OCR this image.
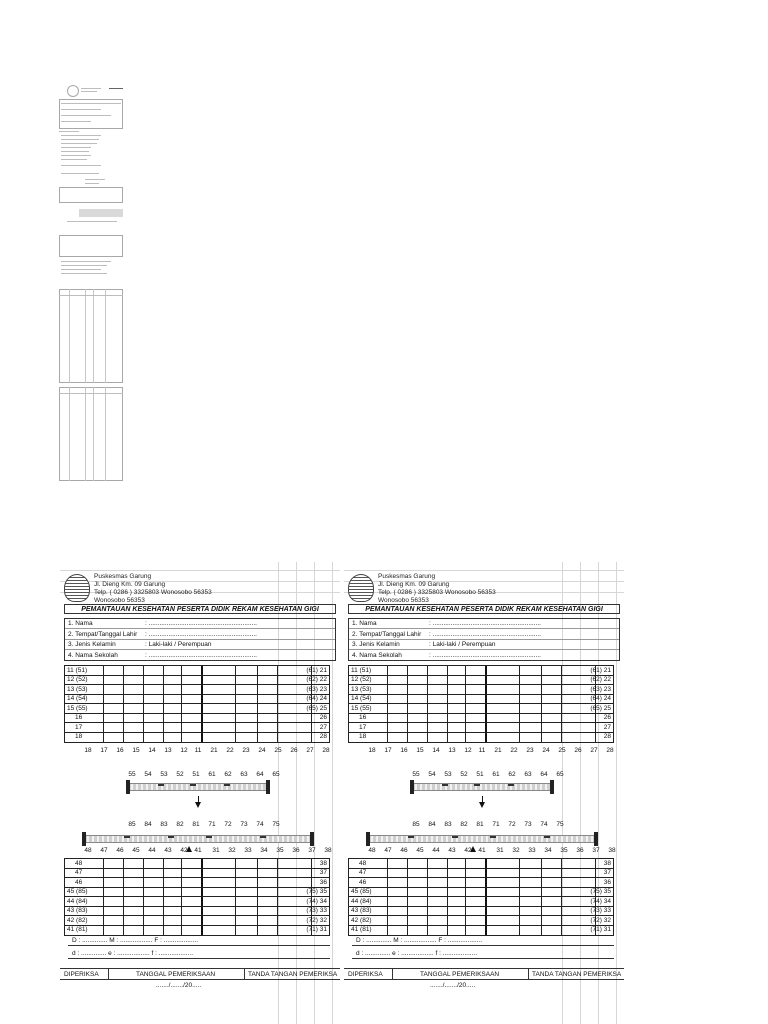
Puskesmas Garung
Jl. Dieng Km. 09 Garung
Telp. ( 0286 ) 3325803 Wonosobo 56353
Wonosobo 56353
PEMANTAUAN KESEHATAN PESERTA DIDIK REKAM KESEHATAN GIGI
1. Nama	: ............................................................
2. Tempat/Tanggal Lahir : ............................................................
3. Jenis Kelamin	: Laki-laki / Perempuan
4. Nama Sekolah	: ............................................................
11 (51)	(61) 21
12 (52)	(62) 22
13 (53)	(63) 23
14 (54)	(64) 24
15 (55)	(65) 25
16	26
17	27
18	28
18	17	16	15	14	13	12	11	21	22	23	24	25	26	27	28
55	54	53	52	51	61	62	63	64	65
85	84	83	82	81	71	72	73	74	75
48	47	46	45	44	43	42	41	31	32	33	34	35	36	37	38
48	38
47	37
46	36
45 (85)	(75) 35
44 (84)	(74) 34
43 (83)	(73) 33
42 (82)	(72) 32
41 (81)	(71) 31
D : .............. M : .................. F : ...................
d : .............. e : .................. f : ...................
DIPERIKSA	TANGGAL PEMERIKSAAN	TANDA TANGAN PEMERIKSA
......./......./20.....
Puskesmas Garung
Jl. Dieng Km. 09 Garung
Telp. ( 0286 ) 3325803 Wonosobo 56353
Wonosobo 56353
PEMANTAUAN KESEHATAN PESERTA DIDIK REKAM KESEHATAN GIGI
1. Nama	: ............................................................
2. Tempat/Tanggal Lahir : ............................................................
3. Jenis Kelamin	: Laki-laki / Perempuan
4. Nama Sekolah	: ............................................................
11 (51)	(61) 21
12 (52)	(62) 22
13 (53)	(63) 23
14 (54)	(64) 24
15 (55)	(65) 25
16	26
17	27
18	28
18	17	16	15	14	13	12	11	21	22	23	24	25	26	27	28
55	54	53	52	51	61	62	63	64	65
85	84	83	82	81	71	72	73	74	75
48	47	46	45	44	43	42	41	31	32	33	34	35	36	37	38
48	38
47	37
46	36
45 (85)	(75) 35
44 (84)	(74) 34
43 (83)	(73) 33
42 (82)	(72) 32
41 (81)	(71) 31
D : .............. M : .................. F : ...................
d : .............. e : .................. f : ...................
DIPERIKSA	TANGGAL PEMERIKSAAN	TANDA TANGAN PEMERIKSA
......./......./20.....
